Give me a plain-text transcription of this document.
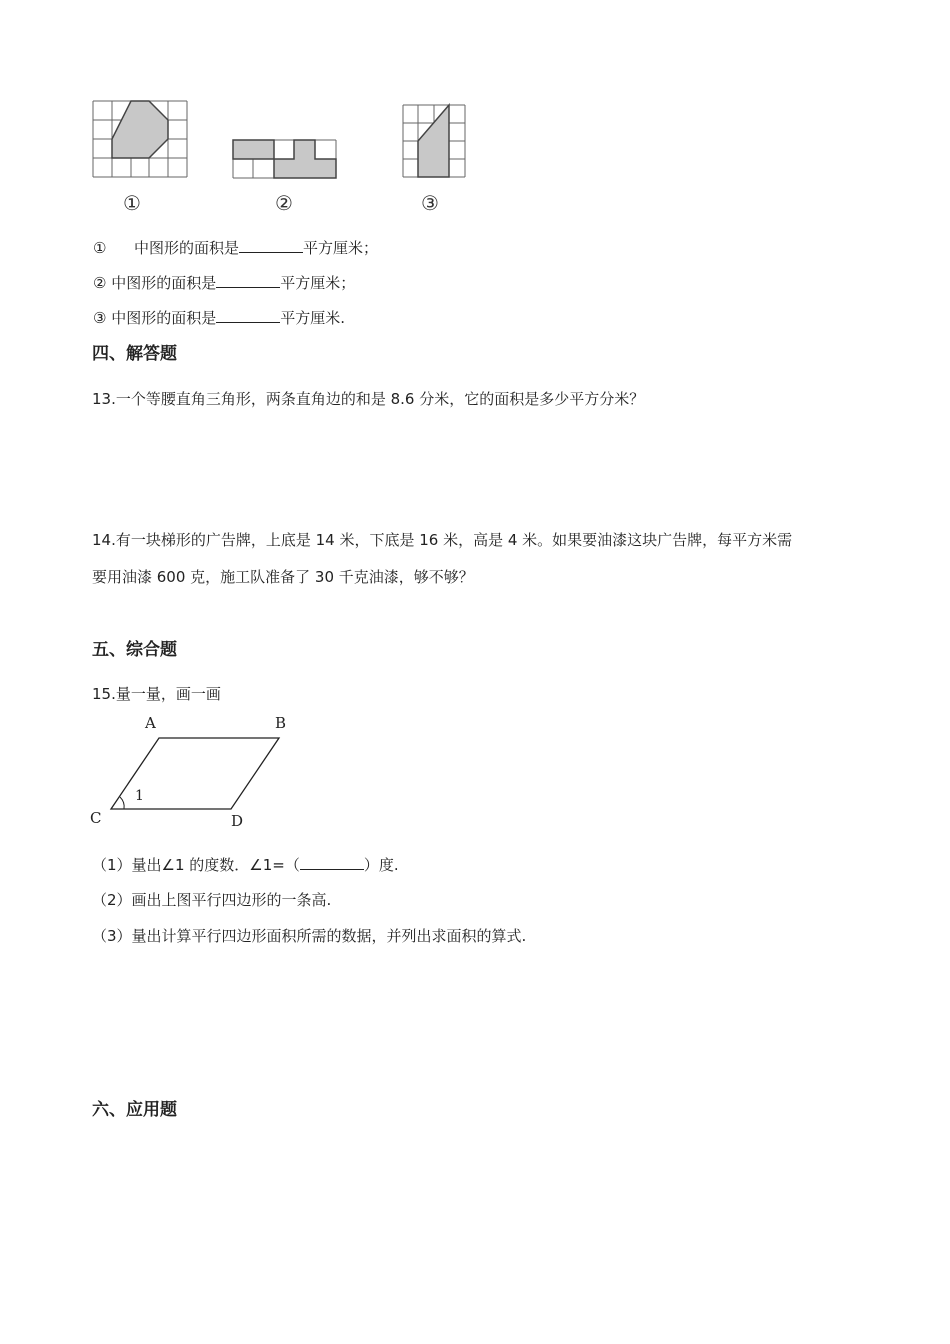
①	②	③
① 中图形的面积是	平方厘米；
② 中图形的面积是	平方厘米；
③ 中图形的面积是	平方厘米.
四、解答题
13.一个等腰直角三角形，两条直角边的和是 8.6 分米，它的面积是多少平方分米？
14.有一块梯形的广告牌，上底是 14 米，下底是 16 米，高是 4 米。如果要油漆这块广告牌，每平方米需
要用油漆 600 克，施工队准备了 30 千克油漆，够不够？
五、综合题
15.量一量，画一画
A	B
C	D
1
（1）量出∠1 的度数．∠1=（	）度.
（2）画出上图平行四边形的一条高.
（3）量出计算平行四边形面积所需的数据，并列出求面积的算式.
六、应用题
